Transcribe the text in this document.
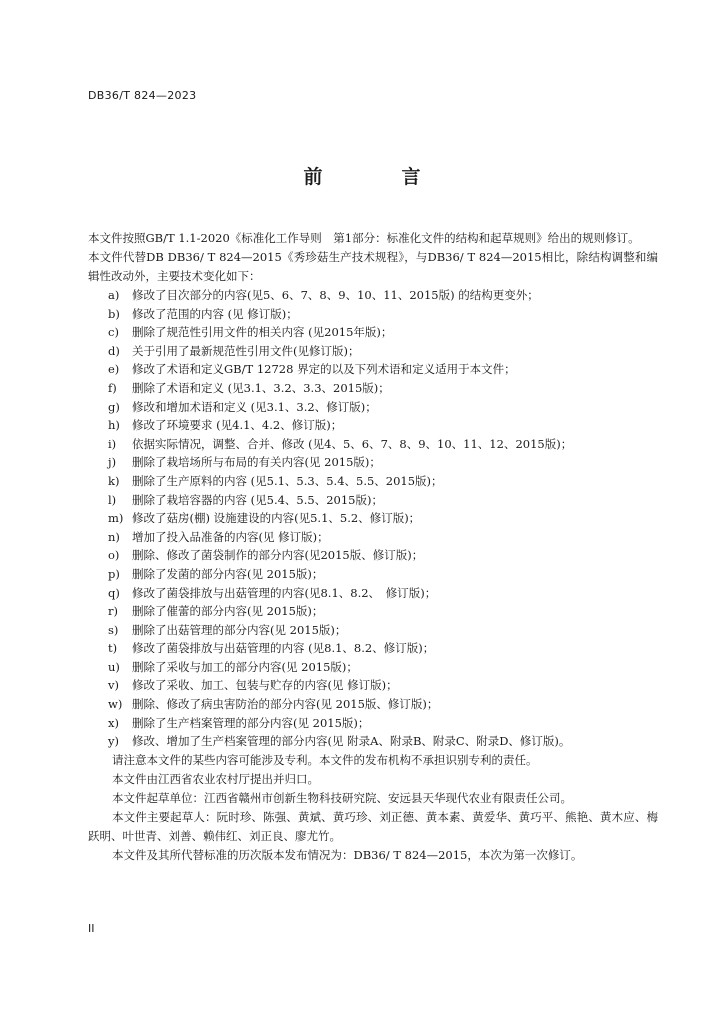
DB36/T 824—2023
前　言

本文件按照GB/T 1.1-2020《标准化工作导则　第1部分：标准化文件的结构和起草规则》给出的规则修订。

本文件代替DB DB36/ T 824—2015《秀珍菇生产技术规程》，与DB36/ T 824—2015相比，除结构调整和编辑性改动外，主要技术变化如下：

a)	修改了目次部分的内容(见5、6、7、8、9、10、11、2015版) 的结构更变外；
b)	修改了范围的内容 (见 修订版)；
c)	删除了规范性引用文件的相关内容 (见2015年版)；
d)	关于引用了最新规范性引用文件(见修订版)；
e)	修改了术语和定义GB/T 12728 界定的以及下列术语和定义适用于本文件；
f)	删除了术语和定义 (见3.1、3.2、3.3、2015版)；
g)	修改和增加术语和定义 (见3.1、3.2、修订版)；
h)	修改了环境要求 (见4.1、4.2、修订版)；
i)	依据实际情况，调整、合并、修改 (见4、5、6、7、8、9、10、11、12、2015版)；
j)	删除了栽培场所与布局的有关内容(见 2015版)；
k)	删除了生产原料的内容 (见5.1、5.3、5.4、5.5、2015版)；
l)	删除了栽培容器的内容 (见5.4、5.5、2015版)；
m) 修改了菇房(棚) 设施建设的内容(见5.1、5.2、修订版)；
n)	增加了投入品准备的内容(见 修订版)；
o)	删除、修改了菌袋制作的部分内容(见2015版、修订版)；
p)	删除了发菌的部分内容(见 2015版)；
q)	修改了菌袋排放与出菇管理的内容(见8.1、8.2、　修订版)；
r)	删除了催蕾的部分内容(见 2015版)；
s)	删除了出菇管理的部分内容(见 2015版)；
t)	修改了菌袋排放与出菇管理的内容 (见8.1、8.2、修订版)；
u)	删除了采收与加工的部分内容(见 2015版)；
v)	修改了采收、加工、包装与贮存的内容(见 修订版)；
w) 删除、修改了病虫害防治的部分内容(见 2015版、修订版)；
x)	删除了生产档案管理的部分内容(见 2015版)；
y)	修改、增加了生产档案管理的部分内容(见 附录A、附录B、附录C、附录D、修订版)。

请注意本文件的某些内容可能涉及专利。本文件的发布机构不承担识别专利的责任。

本文件由江西省农业农村厅提出并归口。

本文件起草单位：江西省赣州市创新生物科技研究院、安远县天华现代农业有限责任公司。

本文件主要起草人：阮时珍、陈强、黄斌、黄巧珍、刘正德、黄本素、黄爱华、黄巧平、熊艳、黄木应、梅跃明、叶世青、刘善、赖伟红、刘正良、廖尤竹。

本文件及其所代替标准的历次版本发布情况为：DB36/ T 824—2015，本次为第一次修订。

II
